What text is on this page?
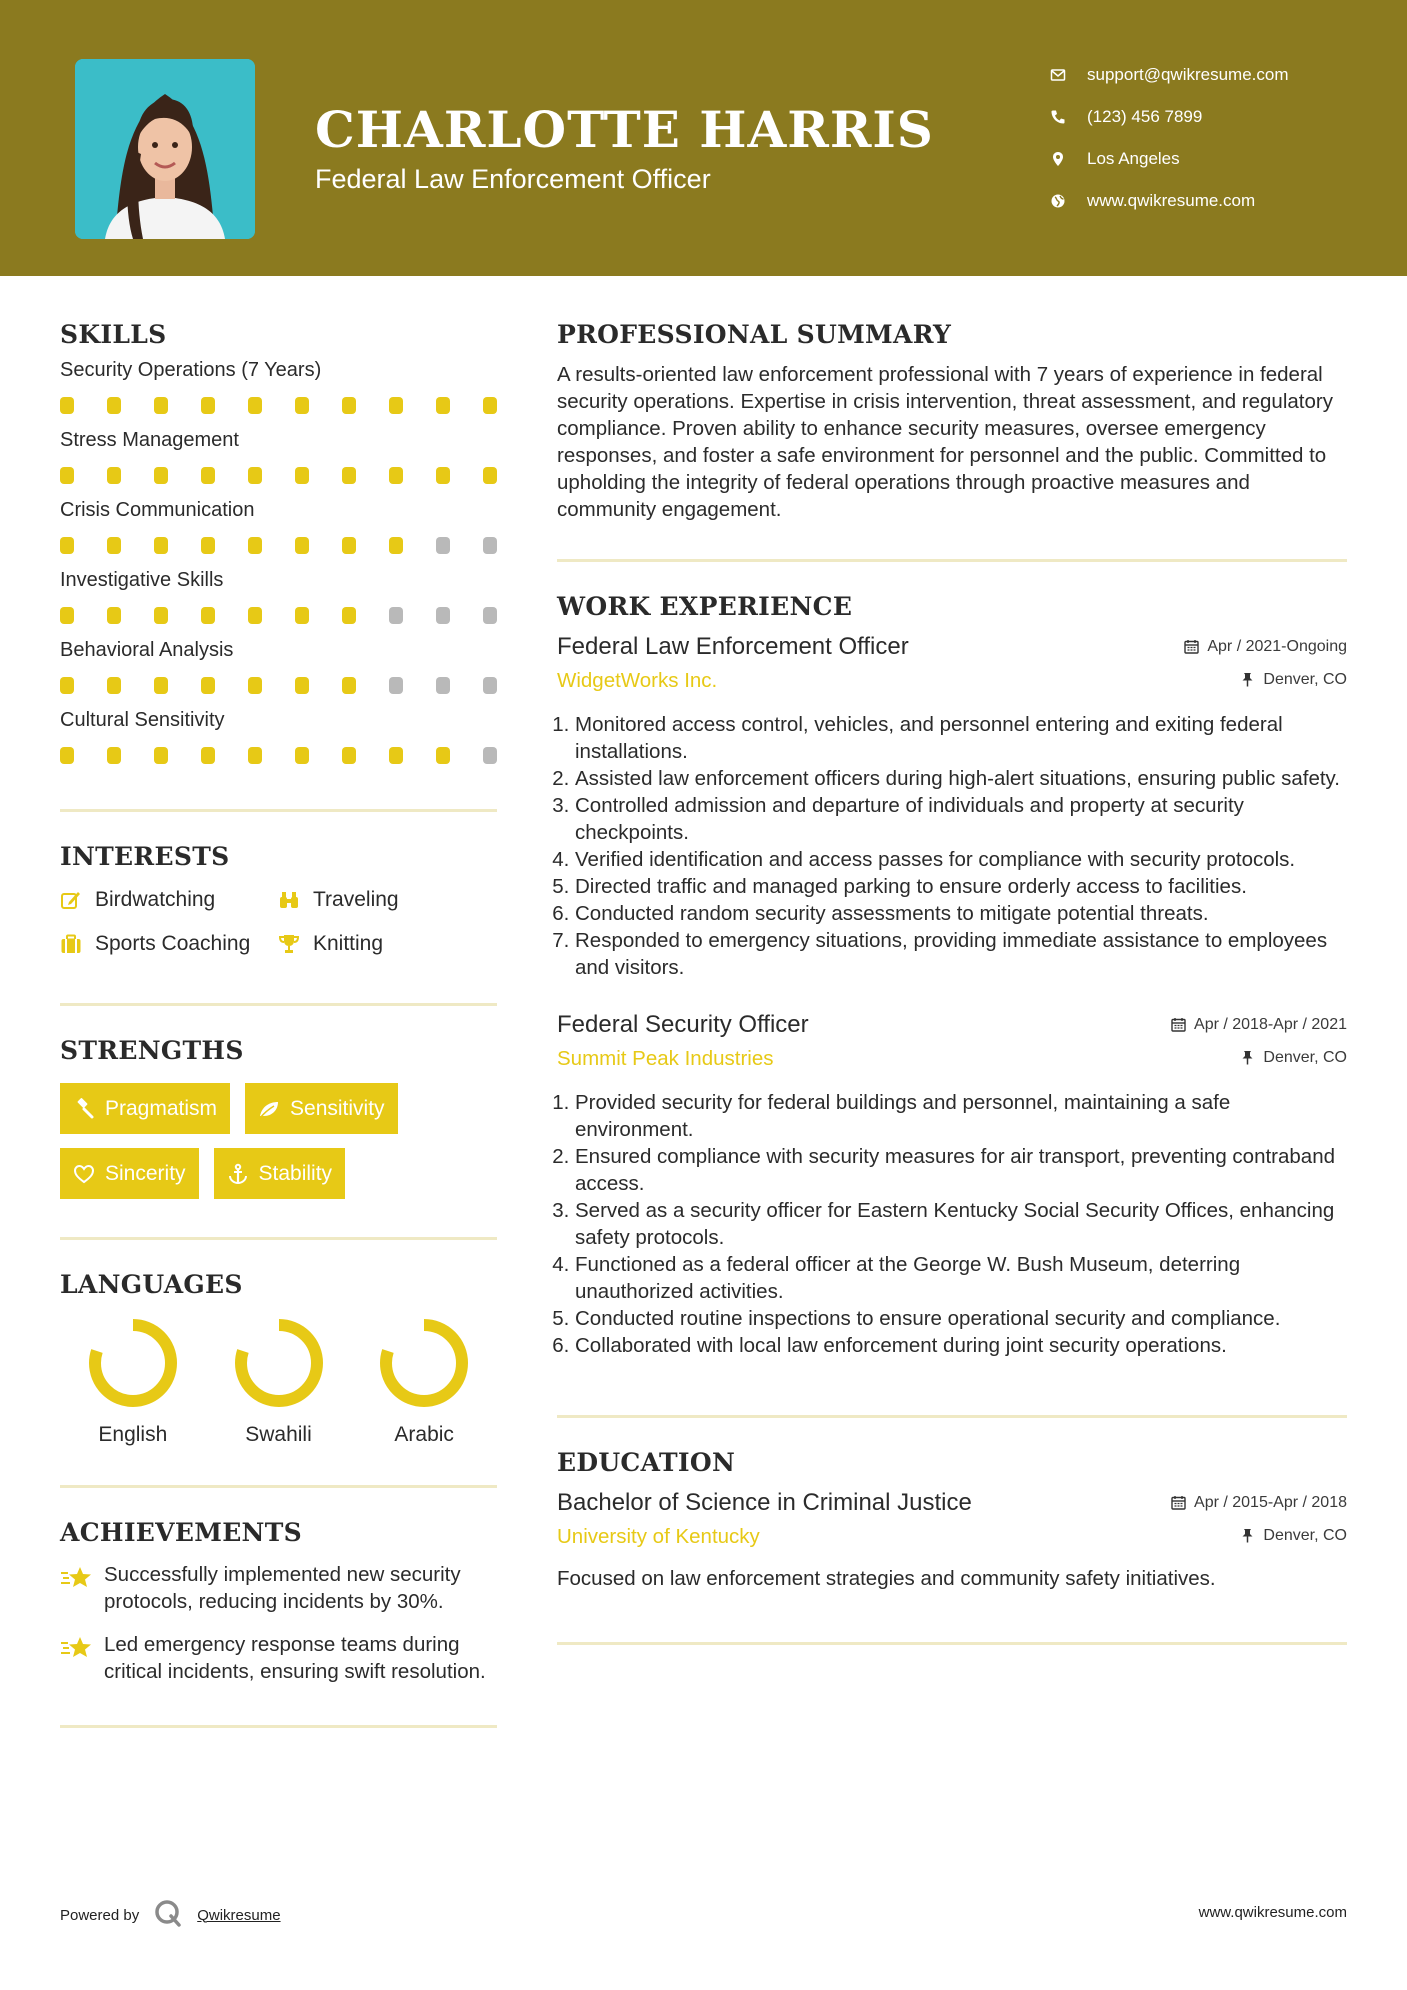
CHARLOTTE HARRIS
Federal Law Enforcement Officer
support@qwikresume.com
(123) 456 7899
Los Angeles
www.qwikresume.com
SKILLS
Security Operations (7 Years)
Stress Management
Crisis Communication
Investigative Skills
Behavioral Analysis
Cultural Sensitivity
INTERESTS
Birdwatching	Traveling
Sports Coaching	Knitting
STRENGTHS
Pragmatism	Sensitivity
Sincerity	Stability
LANGUAGES
English	Swahili	Arabic
ACHIEVEMENTS
Successfully implemented new security protocols, reducing incidents by 30%.
Led emergency response teams during critical incidents, ensuring swift resolution.
PROFESSIONAL SUMMARY
A results-oriented law enforcement professional with 7 years of experience in federal security operations. Expertise in crisis intervention, threat assessment, and regulatory compliance. Proven ability to enhance security measures, oversee emergency responses, and foster a safe environment for personnel and the public. Committed to upholding the integrity of federal operations through proactive measures and community engagement.
WORK EXPERIENCE
Federal Law Enforcement Officer	Apr / 2021-Ongoing
WidgetWorks Inc.	Denver, CO
1. Monitored access control, vehicles, and personnel entering and exiting federal installations.
2. Assisted law enforcement officers during high-alert situations, ensuring public safety.
3. Controlled admission and departure of individuals and property at security checkpoints.
4. Verified identification and access passes for compliance with security protocols.
5. Directed traffic and managed parking to ensure orderly access to facilities.
6. Conducted random security assessments to mitigate potential threats.
7. Responded to emergency situations, providing immediate assistance to employees and visitors.
Federal Security Officer	Apr / 2018-Apr / 2021
Summit Peak Industries	Denver, CO
1. Provided security for federal buildings and personnel, maintaining a safe environment.
2. Ensured compliance with security measures for air transport, preventing contraband access.
3. Served as a security officer for Eastern Kentucky Social Security Offices, enhancing safety protocols.
4. Functioned as a federal officer at the George W. Bush Museum, deterring unauthorized activities.
5. Conducted routine inspections to ensure operational security and compliance.
6. Collaborated with local law enforcement during joint security operations.
EDUCATION
Bachelor of Science in Criminal Justice	Apr / 2015-Apr / 2018
University of Kentucky	Denver, CO
Focused on law enforcement strategies and community safety initiatives.
Powered by	Qwikresume	www.qwikresume.com
